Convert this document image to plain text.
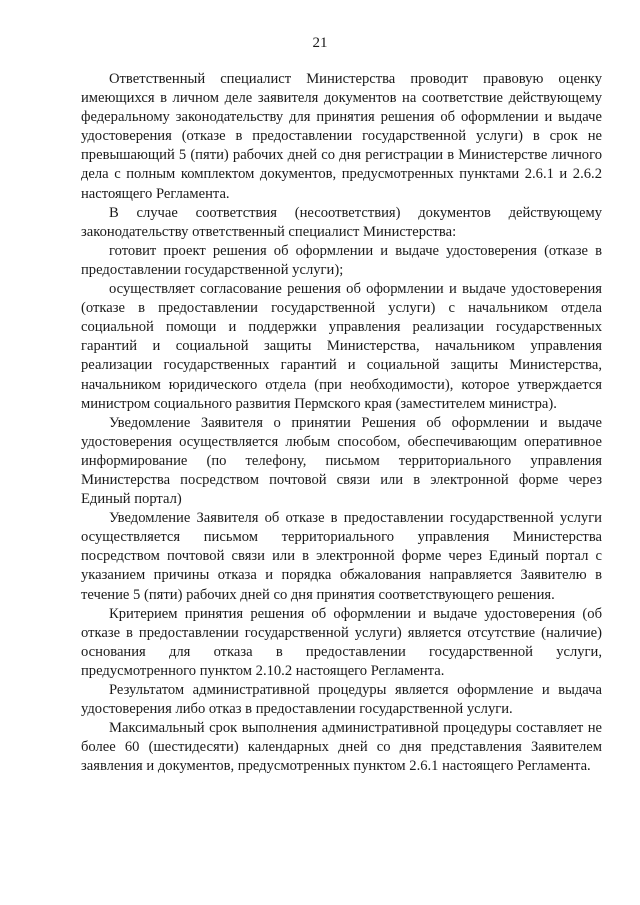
21

Ответственный специалист Министерства проводит правовую оценку имеющихся в личном деле заявителя документов на соответствие действующему федеральному законодательству для принятия решения об оформлении и выдаче удостоверения (отказе в предоставлении государственной услуги) в срок не превышающий 5 (пяти) рабочих дней со дня регистрации в Министерстве личного дела с полным комплектом документов, предусмотренных пунктами 2.6.1 и 2.6.2 настоящего Регламента.

В случае соответствия (несоответствия) документов действующему законодательству ответственный специалист Министерства:

готовит проект решения об оформлении и выдаче удостоверения (отказе в предоставлении государственной услуги);

осуществляет согласование решения об оформлении и выдаче удостоверения (отказе в предоставлении государственной услуги) с начальником отдела социальной помощи и поддержки управления реализации государственных гарантий и социальной защиты Министерства, начальником управления реализации государственных гарантий и социальной защиты Министерства, начальником юридического отдела (при необходимости), которое утверждается министром социального развития Пермского края (заместителем министра).

Уведомление Заявителя о принятии Решения об оформлении и выдаче удостоверения осуществляется любым способом, обеспечивающим оперативное информирование (по телефону, письмом территориального управления Министерства посредством почтовой связи или в электронной форме через Единый портал)

Уведомление Заявителя об отказе в предоставлении государственной услуги осуществляется письмом территориального управления Министерства посредством почтовой связи или в электронной форме через Единый портал с указанием причины отказа и порядка обжалования направляется Заявителю в течение 5 (пяти) рабочих дней со дня принятия соответствующего решения.

Критерием принятия решения об оформлении и выдаче удостоверения (об отказе в предоставлении государственной услуги) является отсутствие (наличие) основания для отказа в предоставлении государственной услуги, предусмотренного пунктом 2.10.2 настоящего Регламента.

Результатом административной процедуры является оформление и выдача удостоверения либо отказ в предоставлении государственной услуги.

Максимальный срок выполнения административной процедуры составляет не более 60 (шестидесяти) календарных дней со дня представления Заявителем заявления и документов, предусмотренных пунктом 2.6.1 настоящего Регламента.
